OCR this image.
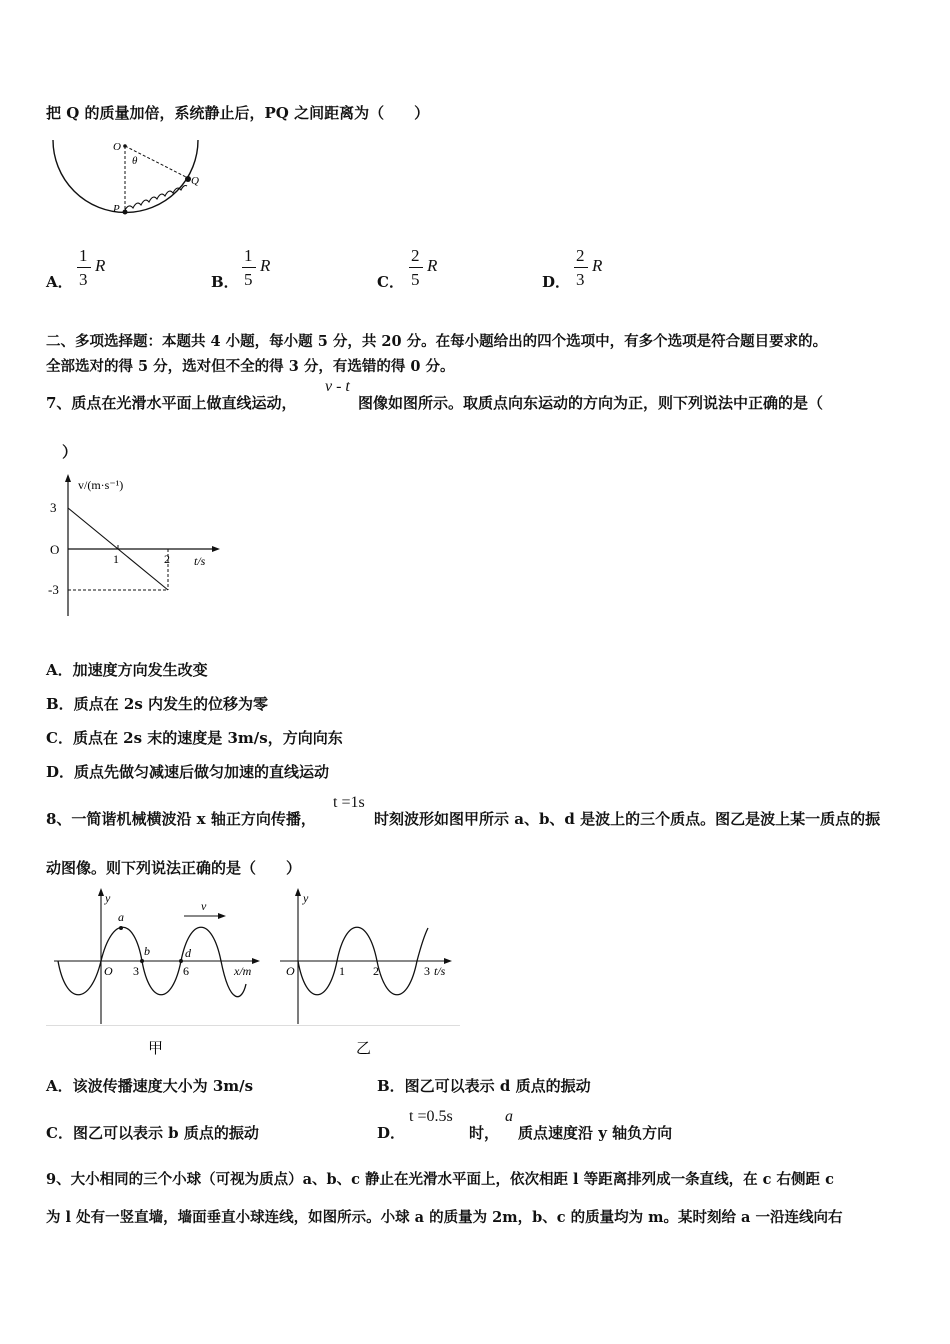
把 Q 的质量加倍，系统静止后，PQ 之间距离为（　　）
O
θ
Q
P
A．
1
3
R
B．
1
5
R
C．
2
5
R
D．
2
3
R
二、多项选择题：本题共 4 小题，每小题 5 分，共 20 分。在每小题给出的四个选项中，有多个选项是符合题目要求的。
全部选对的得 5 分，选对但不全的得 3 分，有选错的得 0 分。
7、质点在光滑水平面上做直线运动，
v - t
图像如图所示。取质点向东运动的方向为正，则下列说法中正确的是（
）
v/(m·s⁻¹)
3
O
-3
1	2 t/s
A．加速度方向发生改变
B．质点在 2s 内发生的位移为零
C．质点在 2s 末的速度是 3m/s，方向向东
D．质点先做匀减速后做匀加速的直线运动
8、一简谐机械横波沿 x 轴正方向传播，
t =1s
时刻波形如图甲所示 a、b、d 是波上的三个质点。图乙是波上某一质点的振
动图像。则下列说法正确的是（　　）
y
v
a
b	d
O 3	6	x/m
甲
y
O	1 2	3 t/s
乙
A．该波传播速度大小为 3m/s	B．图乙可以表示 d 质点的振动
C．图乙可以表示 b 质点的振动	D．
t =0.5s
时，
a
质点速度沿 y 轴负方向
9、大小相同的三个小球（可视为质点）a、b、c 静止在光滑水平面上，依次相距 l 等距离排列成一条直线，在 c 右侧距 c
为 l 处有一竖直墙，墙面垂直小球连线，如图所示。小球 a 的质量为 2m，b、c 的质量均为 m。某时刻给 a 一沿连线向右
